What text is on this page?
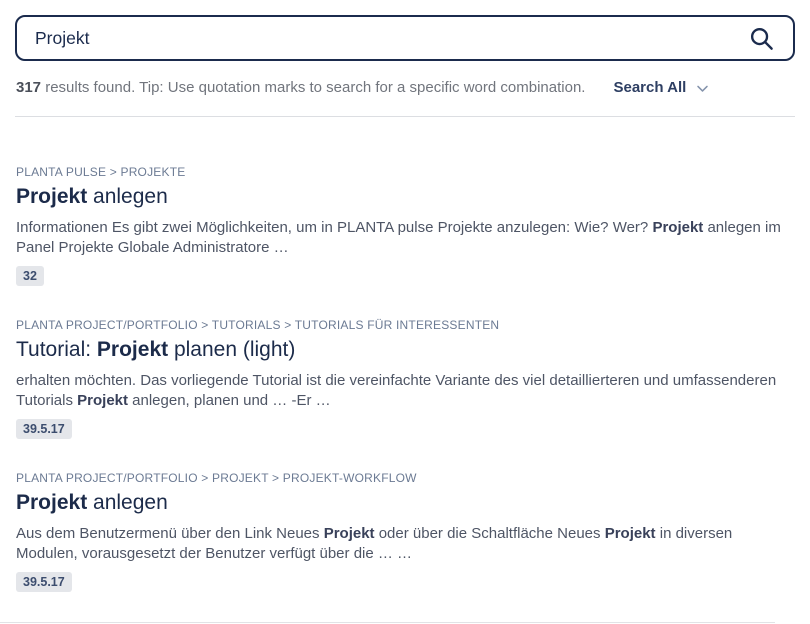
Projekt
317 results found. Tip: Use quotation marks to search for a specific word combination. Search All
PLANTA PULSE > PROJEKTE
Projekt anlegen
Informationen Es gibt zwei Möglichkeiten, um in PLANTA pulse Projekte anzulegen: Wie? Wer? Projekt anlegen im Panel Projekte Globale Administratore …
32
PLANTA PROJECT/PORTFOLIO > TUTORIALS > TUTORIALS FÜR INTERESSENTEN
Tutorial: Projekt planen (light)
erhalten möchten. Das vorliegende Tutorial ist die vereinfachte Variante des viel detaillierteren und umfassenderen Tutorials Projekt anlegen, planen und … -Er …
39.5.17
PLANTA PROJECT/PORTFOLIO > PROJEKT > PROJEKT-WORKFLOW
Projekt anlegen
Aus dem Benutzermenü über den Link Neues Projekt oder über die Schaltfläche Neues Projekt in diversen Modulen, vorausgesetzt der Benutzer verfügt über die … …
39.5.17
